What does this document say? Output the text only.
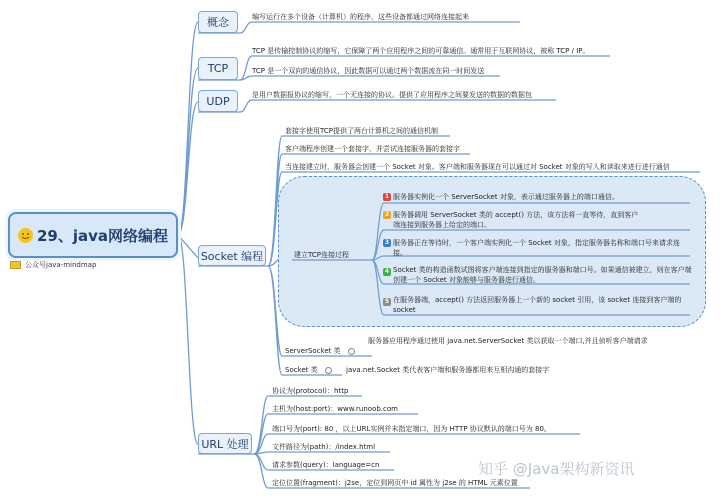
29、java网络编程
公众号java-mindmap
概念
TCP
UDP
Socket 编程
URL 处理
编写运行在多个设备（计算机）的程序，这些设备都通过网络连接起来
TCP 是传输控制协议的缩写，它保障了两个应用程序之间的可靠通信。通常用于互联网协议，被称 TCP / IP。
TCP 是一个双向的通信协议，因此数据可以通过两个数据流在同一时间发送
是用户数据报协议的缩写，一个无连接的协议。提供了应用程序之间要发送的数据的数据包
套接字使用TCP提供了两台计算机之间的通信机制
客户端程序创建一个套接字，并尝试连接服务器的套接字
当连接建立时，服务器会创建一个 Socket 对象。客户端和服务器现在可以通过对 Socket 对象的写入和读取来进行进行通信
建立TCP连接过程
1 服务器实例化一个 ServerSocket 对象，表示通过服务器上的端口通信。
2 服务器调用 ServerSocket 类的 accept() 方法，该方法将一直等待，直到客户端连接到服务器上给定的端口。
3 服务器正在等待时，一个客户端实例化一个 Socket 对象，指定服务器名称和端口号来请求连接。
4 Socket 类的构造函数试图将客户端连接到指定的服务器和端口号。如果通信被建立，则在客户端创建一个 Socket 对象能够与服务器进行通信。
5 在服务器端，accept() 方法返回服务器上一个新的 socket 引用，该 socket 连接到客户端的 socket
ServerSocket 类
服务器应用程序通过使用 java.net.ServerSocket 类以获取一个端口,并且侦听客户端请求
Socket 类	java.net.Socket 类代表客户端和服务器都用来互相沟通的套接字
协议为(protocol)：http
主机为(host:port)：www.runoob.com
端口号为(port): 80 ，以上URL实例并未指定端口，因为 HTTP 协议默认的端口号为 80。
文件路径为(path)：/index.html
请求参数(query)：language=cn
定位位置(fragment)：j2se，定位到网页中 id 属性为 j2se 的 HTML 元素位置
知乎 @Java架构新资讯
